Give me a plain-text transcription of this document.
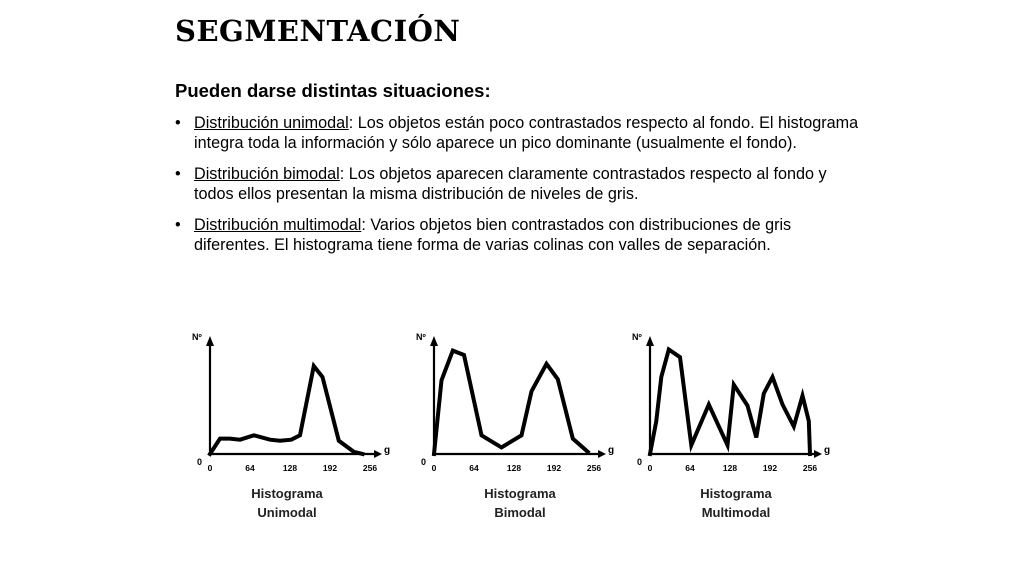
SEGMENTACIÓN
Pueden darse distintas situaciones:
• Distribución unimodal: Los objetos están poco contrastados respecto al fondo. El histograma integra toda la información y sólo aparece un pico dominante (usualmente el fondo).
• Distribución bimodal: Los objetos aparecen claramente contrastados respecto al fondo y todos ellos presentan la misma distribución de niveles de gris.
• Distribución multimodal: Varios objetos bien contrastados con distribuciones de gris diferentes. El histograma tiene forma de varias colinas con valles de separación.
Nº
g
0
0	64	128	192	256
Histograma
Unimodal
Nº
g
0
0	64	128	192	256
Histograma
Bimodal
Nº
g
0
0	64	128	192	256
Histograma
Multimodal
